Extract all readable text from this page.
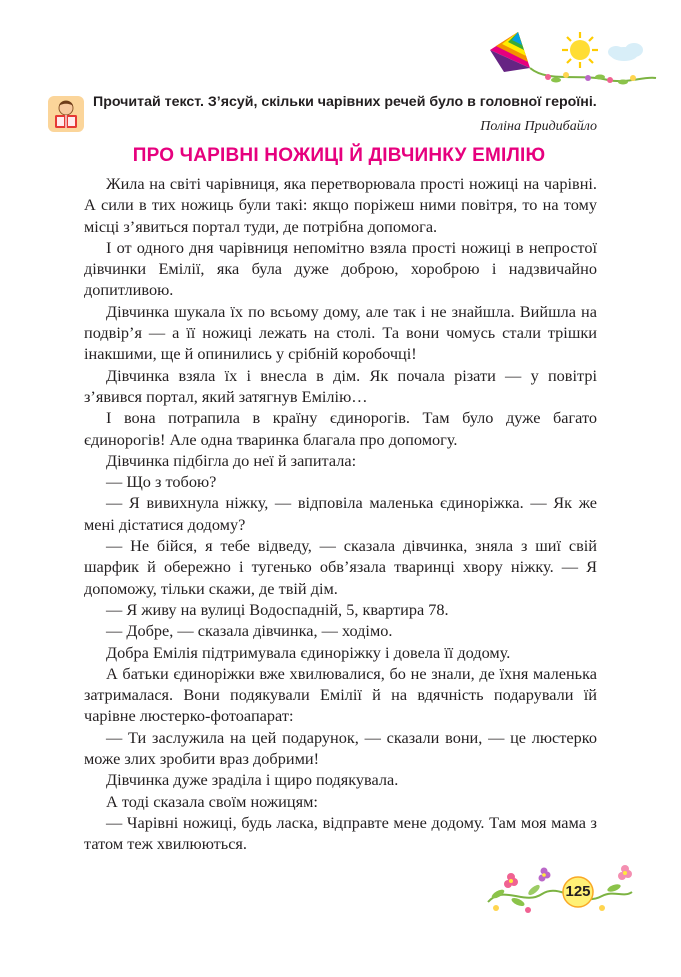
Прочитай текст. З’ясуй, скільки чарівних речей було в головної героїні.
Поліна Придибайло
ПРО ЧАРІВНІ НОЖИЦІ Й ДІВЧИНКУ ЕМІЛІЮ

Жила на світі чарівниця, яка перетворювала прості ножиці на чарівні. А сили в тих ножиць були такі: якщо поріжеш ними повітря, то на тому місці з’явиться портал туди, де потрібна допомога.

І от одного дня чарівниця непомітно взяла прості ножиці в непростої дівчинки Емілії, яка була дуже доброю, хороброю і надзвичайно допитливою.

Дівчинка шукала їх по всьому дому, але так і не знайшла. Вийшла на подвір’я — а її ножиці лежать на столі. Та вони чомусь стали трішки інакшими, ще й опинились у срібній коробочці!

Дівчинка взяла їх і внесла в дім. Як почала різати — у повітрі з’явився портал, який затягнув Емілію…

І вона потрапила в країну єдинорогів. Там було дуже багато єдинорогів! Але одна тваринка благала про допомогу.

Дівчинка підбігла до неї й запитала:

— Що з тобою?

— Я вивихнула ніжку, — відповіла маленька єдиноріжка. — Як же мені дістатися додому?

— Не бійся, я тебе відведу, — сказала дівчинка, зняла з шиї свій шарфик й обережно і тугенько обв’язала тваринці хвору ніжку. — Я допоможу, тільки скажи, де твій дім.

— Я живу на вулиці Водоспадній, 5, квартира 78.

— Добре, — сказала дівчинка, — ходімо.

Добра Емілія підтримувала єдиноріжку і довела її додому.

А батьки єдиноріжки вже хвилювалися, бо не знали, де їхня маленька затрималася. Вони подякували Емілії й на вдячність подарували їй чарівне люстерко-фотоапарат:

— Ти заслужила на цей подарунок, — сказали вони, — це люстерко може злих зробити враз добрими!

Дівчинка дуже зраділа і щиро подякувала.

А тоді сказала своїм ножицям:

— Чарівні ножиці, будь ласка, відправте мене додому. Там моя мама з татом теж хвилюються.

125
